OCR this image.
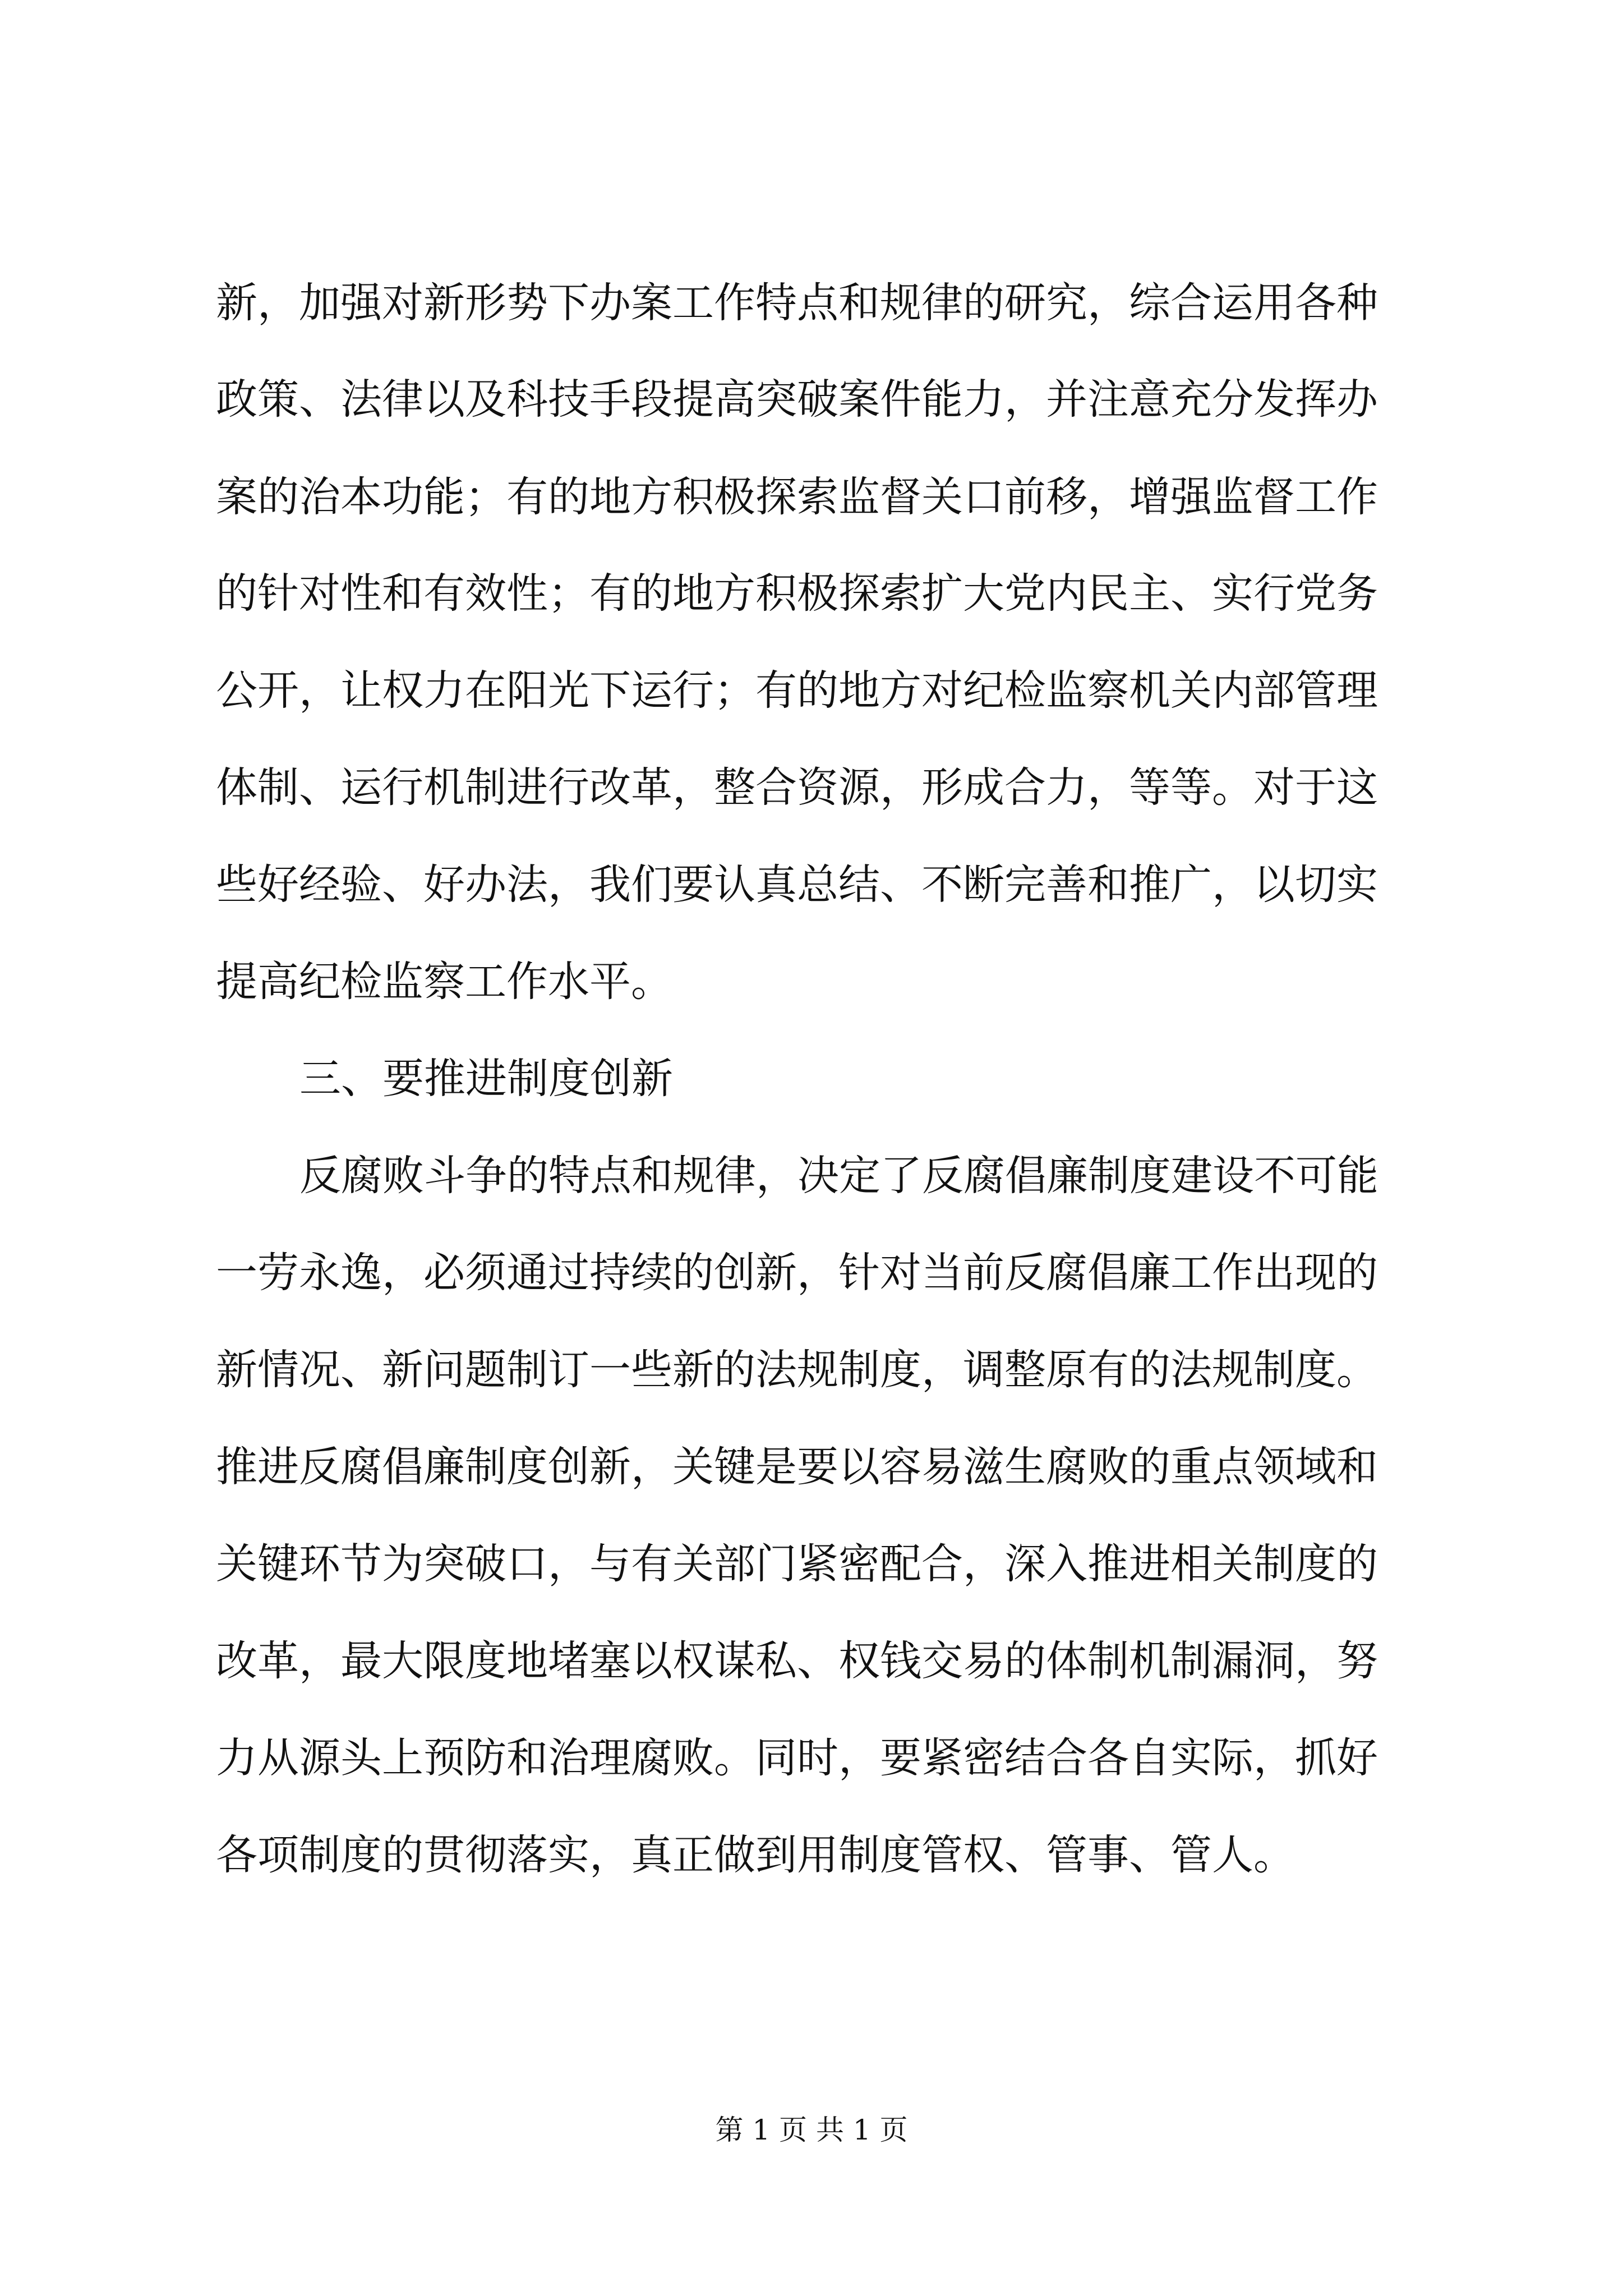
新，加强对新形势下办案工作特点和规律的研究，综合运用各种

政策、法律以及科技手段提高突破案件能力，并注意充分发挥办

案的治本功能；有的地方积极探索监督关口前移，增强监督工作

的针对性和有效性；有的地方积极探索扩大党内民主、实行党务

公开，让权力在阳光下运行；有的地方对纪检监察机关内部管理

体制、运行机制进行改革，整合资源，形成合力，等等。对于这

些好经验、好办法，我们要认真总结、不断完善和推广，以切实

提高纪检监察工作水平。

三、要推进制度创新

反腐败斗争的特点和规律，决定了反腐倡廉制度建设不可能

一劳永逸，必须通过持续的创新，针对当前反腐倡廉工作出现的

新情况、新问题制订一些新的法规制度，调整原有的法规制度。

推进反腐倡廉制度创新，关键是要以容易滋生腐败的重点领域和

关键环节为突破口，与有关部门紧密配合，深入推进相关制度的

改革，最大限度地堵塞以权谋私、权钱交易的体制机制漏洞，努

力从源头上预防和治理腐败。同时，要紧密结合各自实际，抓好

各项制度的贯彻落实，真正做到用制度管权、管事、管人。

第 1 页 共 1 页
